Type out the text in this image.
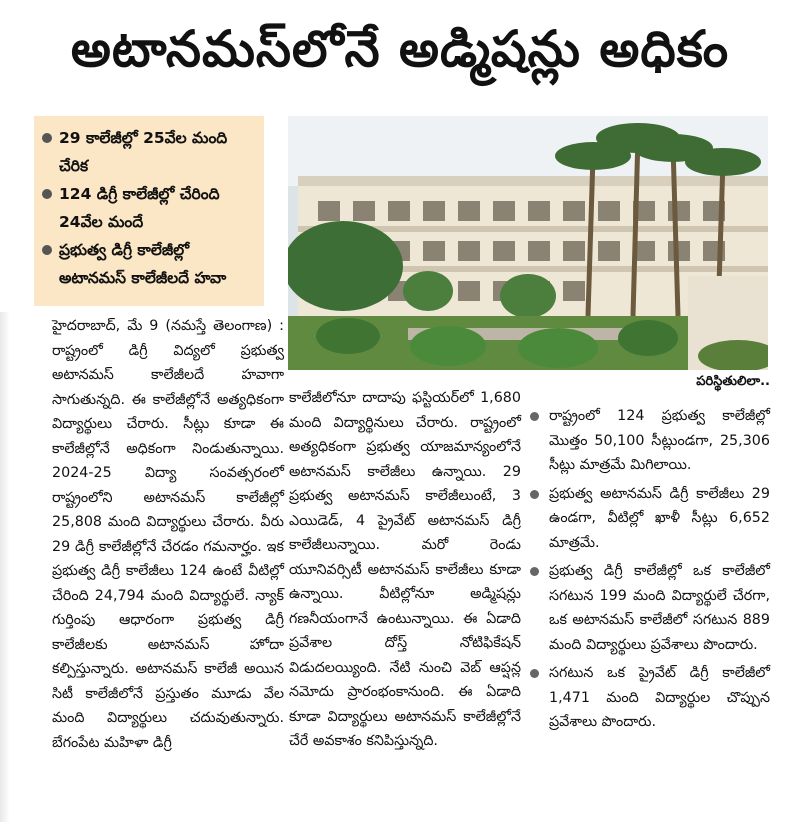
అటానమస్‌లోనే అడ్మిషన్లు అధికం
29 కాలేజీల్లో 25వేల మంది చేరిక
124 డిగ్రీ కాలేజీల్లో చేరింది 24వేల మందే
ప్రభుత్వ డిగ్రీ కాలేజీల్లో అటానమస్ కాలేజీలదే హవా
పరిస్థితులిలా..

హైదరాబాద్, మే 9 (నమస్తే తెలంగాణ) : రాష్ట్రంలో డిగ్రీ విద్యలో ప్రభుత్వ అటానమస్ కాలేజీలదే హవాగా సాగుతున్నది. ఈ కాలేజీల్లోనే అత్యధికంగా విద్యార్థులు చేరారు. సీట్లు కూడా ఈ కాలేజీల్లోనే అధికంగా నిండుతున్నాయి. 2024-25 విద్యా సంవత్సరంలో రాష్ట్రంలోని అటానమస్ కాలేజీల్లో 25,808 మంది విద్యార్థులు చేరారు. వీరు 29 డిగ్రీ కాలేజీల్లోనే చేరడం గమనార్హం. ఇక ప్రభుత్వ డిగ్రీ కాలేజీలు 124 ఉంటే వీటిల్లో చేరింది 24,794 మంది విద్యార్థులే. న్యాక్ గుర్తింపు ఆధారంగా ప్రభుత్వ డిగ్రీ కాలేజీలకు అటానమస్ హోదా కల్పిస్తున్నారు. అటానమస్ కాలేజీ అయిన సిటీ కాలేజీలోనే ప్రస్తుతం మూడు వేల మంది విద్యార్థులు చదువుతున్నారు. బేగంపేట మహిళా డిగ్రీ

కాలేజీలోనూ దాదాపు ఫస్టియర్‌లో 1,680 మంది విద్యార్థినులు చేరారు. రాష్ట్రంలో అత్యధికంగా ప్రభుత్వ యాజమాన్యంలోనే అటానమస్ కాలేజీలు ఉన్నాయి. 29 ప్రభుత్వ అటానమస్ కాలేజీలుంటే, 3 ఎయిడెడ్, 4 ప్రైవేట్ అటానమస్ డిగ్రీ కాలేజీలున్నాయి. మరో రెండు యూనివర్సిటీ అటానమస్ కాలేజీలు కూడా ఉన్నాయి. వీటిల్లోనూ అడ్మిషన్లు గణనీయంగానే ఉంటున్నాయి. ఈ ఏడాది ప్రవేశాల దోస్త్ నోటిఫికేషన్ విడుదలయ్యింది. నేటి నుంచి వెబ్ ఆప్షన్ల నమోదు ప్రారంభంకానుంది. ఈ ఏడాది కూడా విద్యార్థులు అటానమస్ కాలేజీల్లోనే చేరే అవకాశం కనిపిస్తున్నది.

రాష్ట్రంలో 124 ప్రభుత్వ కాలేజీల్లో మొత్తం 50,100 సీట్లుండగా, 25,306 సీట్లు మాత్రమే మిగిలాయి.
ప్రభుత్వ అటానమస్ డిగ్రీ కాలేజీలు 29 ఉండగా, వీటిల్లో ఖాళీ సీట్లు 6,652 మాత్రమే.
ప్రభుత్వ డిగ్రీ కాలేజీల్లో ఒక కాలేజీలో సగటున 199 మంది విద్యార్థులే చేరగా, ఒక అటానమస్ కాలేజీలో సగటున 889 మంది విద్యార్థులు ప్రవేశాలు పొందారు.
సగటున ఒక ప్రైవేట్ డిగ్రీ కాలేజీలో 1,471 మంది విద్యార్థుల చొప్పున ప్రవేశాలు పొందారు.
